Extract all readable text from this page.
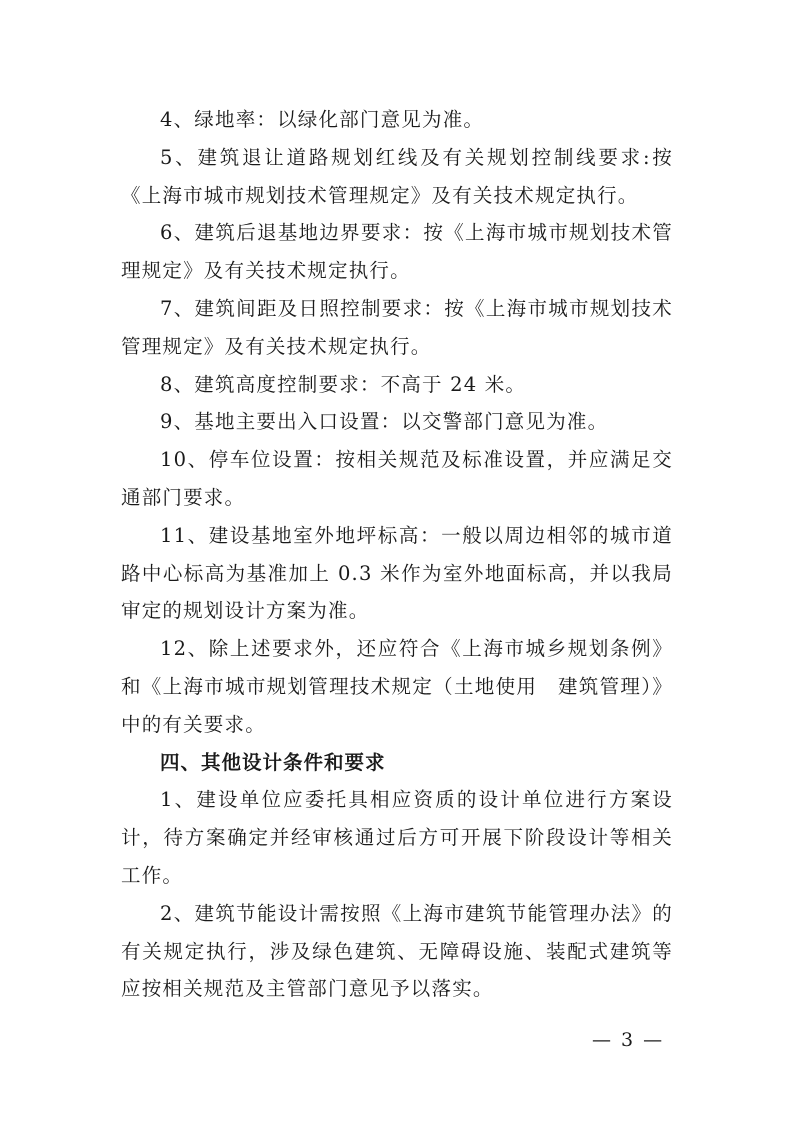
4、绿地率：以绿化部门意见为准。

5、建筑退让道路规划红线及有关规划控制线要求:按《上海市城市规划技术管理规定》及有关技术规定执行。

6、建筑后退基地边界要求：按《上海市城市规划技术管理规定》及有关技术规定执行。

7、建筑间距及日照控制要求：按《上海市城市规划技术管理规定》及有关技术规定执行。

8、建筑高度控制要求：不高于 24 米。

9、基地主要出入口设置：以交警部门意见为准。

10、停车位设置：按相关规范及标准设置，并应满足交通部门要求。

11、建设基地室外地坪标高：一般以周边相邻的城市道路中心标高为基准加上 0.3 米作为室外地面标高，并以我局审定的规划设计方案为准。

12、除上述要求外，还应符合《上海市城乡规划条例》和《上海市城市规划管理技术规定（土地使用　建筑管理）》中的有关要求。

四、其他设计条件和要求

1、建设单位应委托具相应资质的设计单位进行方案设计，待方案确定并经审核通过后方可开展下阶段设计等相关工作。

2、建筑节能设计需按照《上海市建筑节能管理办法》的有关规定执行，涉及绿色建筑、无障碍设施、装配式建筑等应按相关规范及主管部门意见予以落实。

— 3 —
